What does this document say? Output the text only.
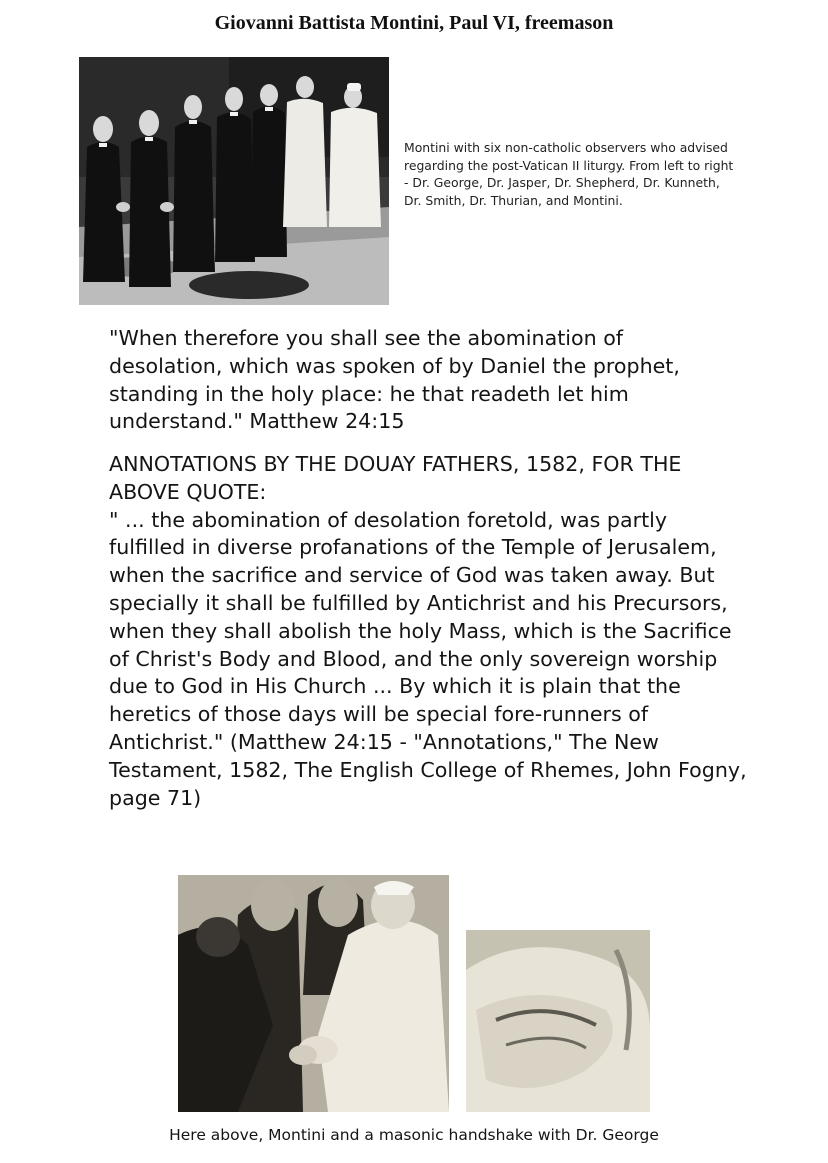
Giovanni Battista Montini, Paul VI, freemason
Montini with six non-catholic observers who advised regarding the post-Vatican II liturgy. From left to right - Dr. George, Dr. Jasper, Dr. Shepherd, Dr. Kunneth, Dr. Smith, Dr. Thurian, and Montini.
"When therefore you shall see the abomination of desolation, which was spoken of by Daniel the prophet, standing in the holy place: he that readeth let him understand." Matthew 24:15
ANNOTATIONS BY THE DOUAY FATHERS, 1582, FOR THE ABOVE QUOTE:
" ... the abomination of desolation foretold, was partly fulfilled in diverse profanations of the Temple of Jerusalem, when the sacrifice and service of God was taken away. But specially it shall be fulfilled by Antichrist and his Precursors, when they shall abolish the holy Mass, which is the Sacrifice of Christ's Body and Blood, and the only sovereign worship due to God in His Church ... By which it is plain that the heretics of those days will be special fore-runners of Antichrist." (Matthew 24:15 - "Annotations," The New Testament, 1582, The English College of Rhemes, John Fogny, page 71)
Here above, Montini and a masonic handshake with Dr. George
